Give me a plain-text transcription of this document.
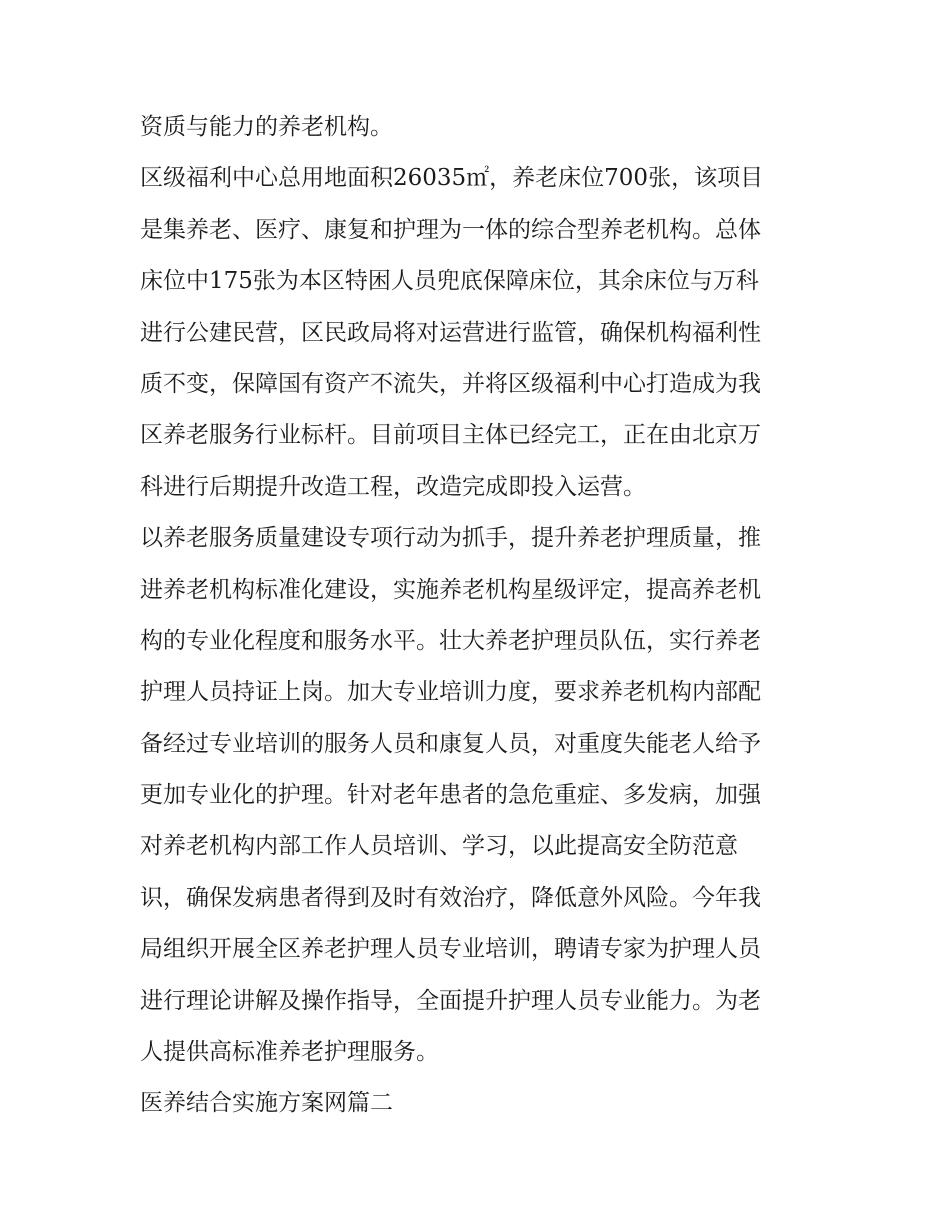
资质与能力的养老机构。
区级福利中心总用地面积26035㎡，养老床位700张，该项目
是集养老、医疗、康复和护理为一体的综合型养老机构。总体
床位中175张为本区特困人员兜底保障床位，其余床位与万科
进行公建民营，区民政局将对运营进行监管，确保机构福利性
质不变，保障国有资产不流失，并将区级福利中心打造成为我
区养老服务行业标杆。目前项目主体已经完工，正在由北京万
科进行后期提升改造工程，改造完成即投入运营。
以养老服务质量建设专项行动为抓手，提升养老护理质量，推
进养老机构标准化建设，实施养老机构星级评定，提高养老机
构的专业化程度和服务水平。壮大养老护理员队伍，实行养老
护理人员持证上岗。加大专业培训力度，要求养老机构内部配
备经过专业培训的服务人员和康复人员，对重度失能老人给予
更加专业化的护理。针对老年患者的急危重症、多发病，加强
对养老机构内部工作人员培训、学习，以此提高安全防范意
识，确保发病患者得到及时有效治疗，降低意外风险。今年我
局组织开展全区养老护理人员专业培训，聘请专家为护理人员
进行理论讲解及操作指导，全面提升护理人员专业能力。为老
人提供高标准养老护理服务。
医养结合实施方案网篇二
